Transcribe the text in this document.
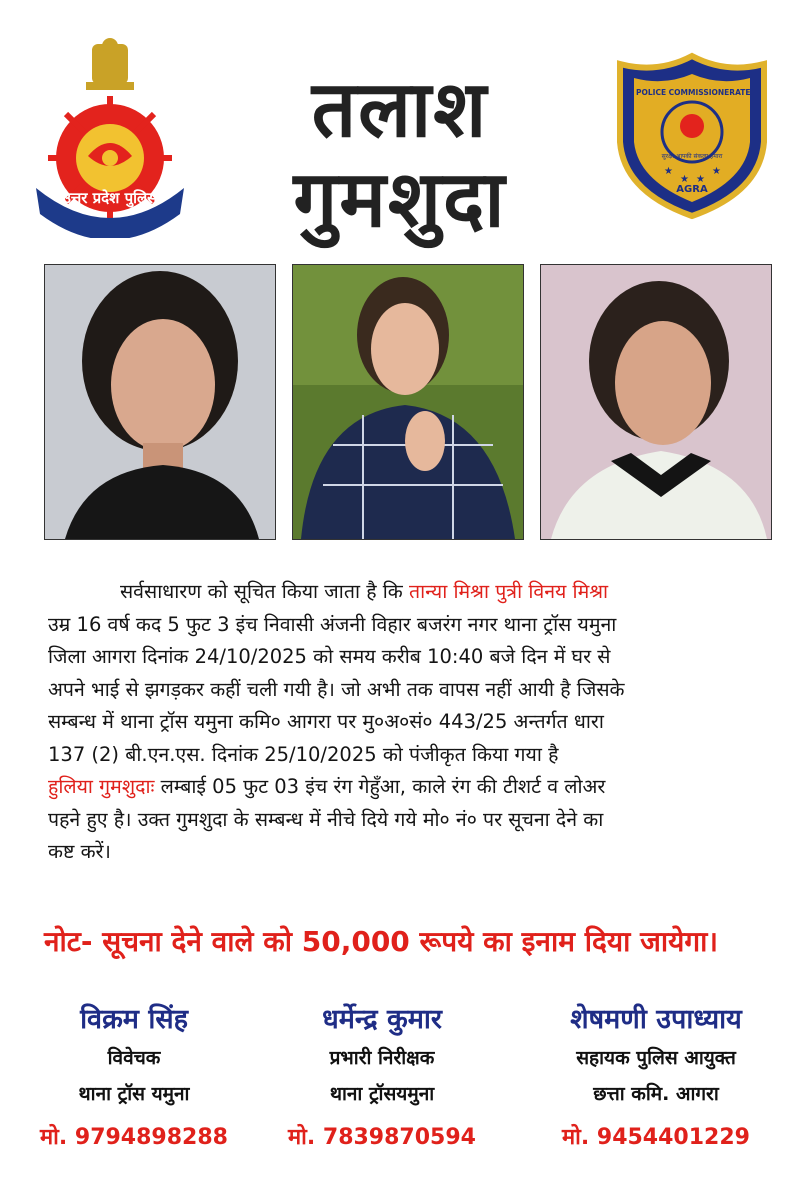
उत्तर प्रदेश पुलिस
★
★ ★
★
POLICE COMMISSIONERATE
सुरक्षा आपकी संकल्प हमारा
AGRA
तलाश
गुमशुदा
सर्वसाधारण को सूचित किया जाता है कि तान्या मिश्रा पुत्री विनय मिश्रा
उम्र 16 वर्ष कद 5 फुट 3 इंच निवासी अंजनी विहार बजरंग नगर थाना ट्रॉस यमुना
जिला आगरा दिनांक 24/10/2025 को समय करीब 10:40 बजे दिन में घर से
अपने भाई से झगड़कर कहीं चली गयी है। जो अभी तक वापस नहीं आयी है जिसके
सम्बन्ध में थाना ट्रॉस यमुना कमि० आगरा पर मु०अ०सं० 443/25 अन्तर्गत धारा
137 (2) बी.एन.एस. दिनांक 25/10/2025 को पंजीकृत किया गया है
हुलिया गुमशुदाः लम्बाई 05 फुट 03 इंच रंग गेहुँआ, काले रंग की टीशर्ट व लोअर
पहने हुए है। उक्त गुमशुदा के सम्बन्ध में नीचे दिये गये मो० नं० पर सूचना देने का
कष्ट करें।
नोट- सूचना देने वाले को 50,000 रूपये का इनाम दिया जायेगा।
विक्रम सिंह
विवेचक
थाना ट्रॉस यमुना
मो. 9794898288
धर्मेन्द्र कुमार
प्रभारी निरीक्षक
थाना ट्रॉसयमुना
मो. 7839870594
शेषमणी उपाध्याय
सहायक पुलिस आयुक्त
छत्ता कमि. आगरा
मो. 9454401229
